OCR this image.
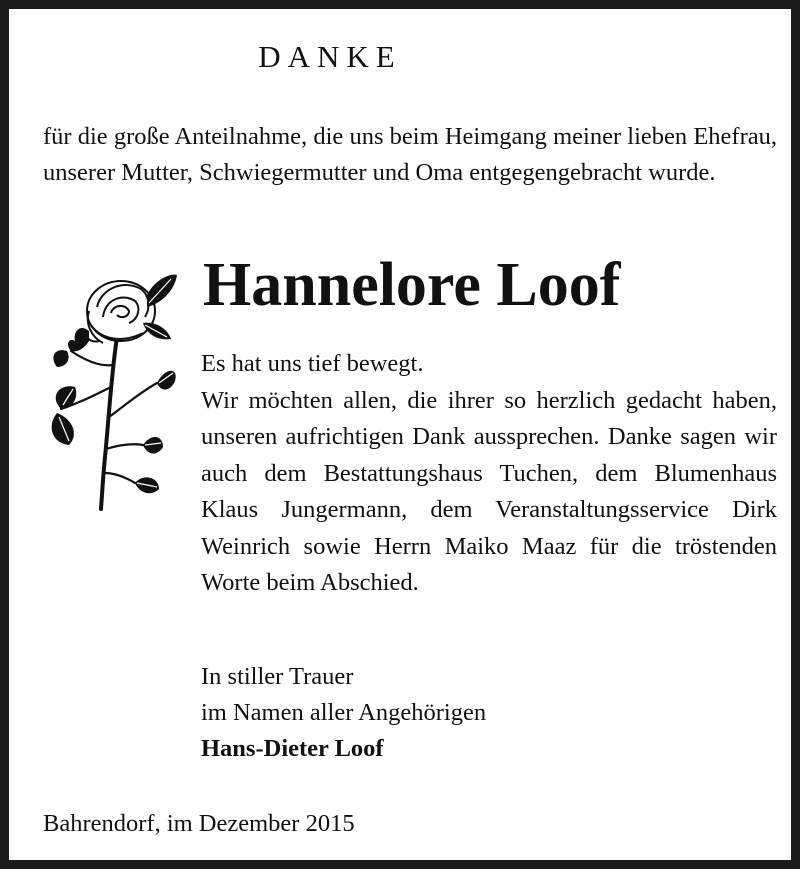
DANKE
für die große Anteilnahme, die uns beim Heimgang meiner lieben Ehefrau, unserer Mutter, Schwiegermutter und Oma entgegengebracht wurde.
Hannelore Loof
Es hat uns tief bewegt.
Wir möchten allen, die ihrer so herzlich gedacht haben, unseren aufrichtigen Dank aussprechen. Danke sagen wir auch dem Bestattungshaus Tuchen, dem Blumenhaus Klaus Jungermann, dem Veranstaltungsservice Dirk Weinrich sowie Herrn Maiko Maaz für die tröstenden Worte beim Abschied.
In stiller Trauer
im Namen aller Angehörigen
Hans-Dieter Loof
Bahrendorf, im Dezember 2015
